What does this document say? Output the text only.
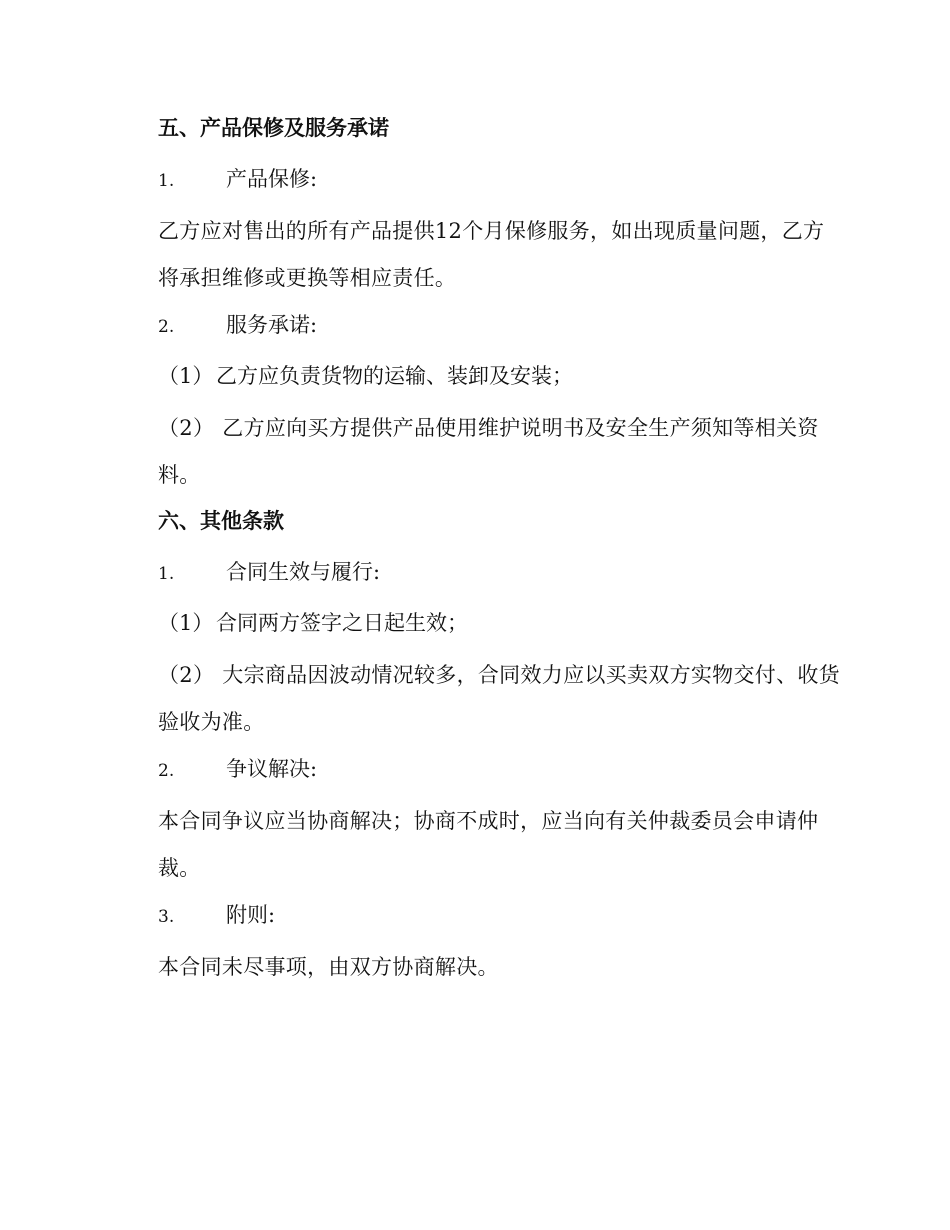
五、产品保修及服务承诺
1. 产品保修:
乙方应对售出的所有产品提供12个月保修服务，如出现质量问题，乙方将承担维修或更换等相应责任。
2. 服务承诺:
（1） 乙方应负责货物的运输、装卸及安装；
（2） 乙方应向买方提供产品使用维护说明书及安全生产须知等相关资料。
六、其他条款
1. 合同生效与履行:
（1） 合同两方签字之日起生效；
（2） 大宗商品因波动情况较多，合同效力应以买卖双方实物交付、收货验收为准。
2. 争议解决:
本合同争议应当协商解决；协商不成时，应当向有关仲裁委员会申请仲裁。
3. 附则:
本合同未尽事项，由双方协商解决。
